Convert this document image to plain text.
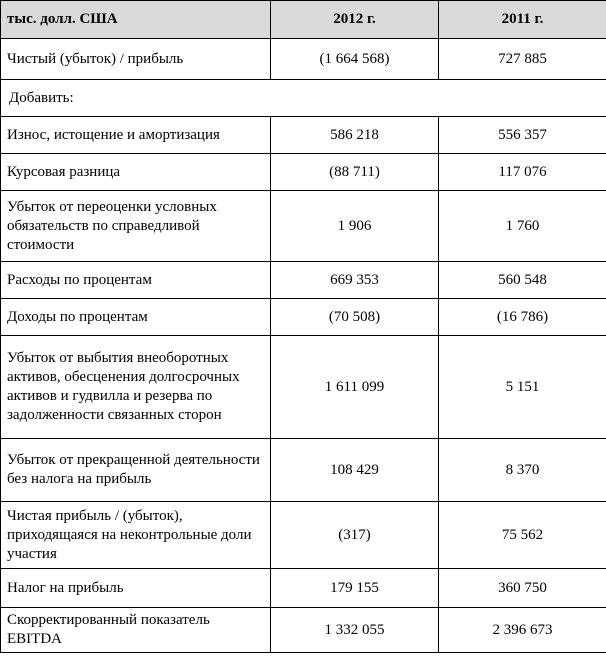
тыс. долл. США	2012 г.	2011 г.
Чистый (убыток) / прибыль	(1 664 568)	727 885
Добавить:		
Износ, истощение и амортизация	586 218	556 357
Курсовая разница	(88 711)	117 076
Убыток от переоценки условных обязательств по справедливой стоимости	1 906	1 760
Расходы по процентам	669 353	560 548
Доходы по процентам	(70 508)	(16 786)
Убыток от выбытия внеоборотных активов, обесценения долгосрочных активов и гудвилла и резерва по задолженности связанных сторон	1 611 099	5 151
Убыток от прекращенной деятельности без налога на прибыль	108 429	8 370
Чистая прибыль / (убыток), приходящаяся на неконтрольные доли участия	(317)	75 562
Налог на прибыль	179 155	360 750
Скорректированный показатель EBITDA	1 332 055	2 396 673
